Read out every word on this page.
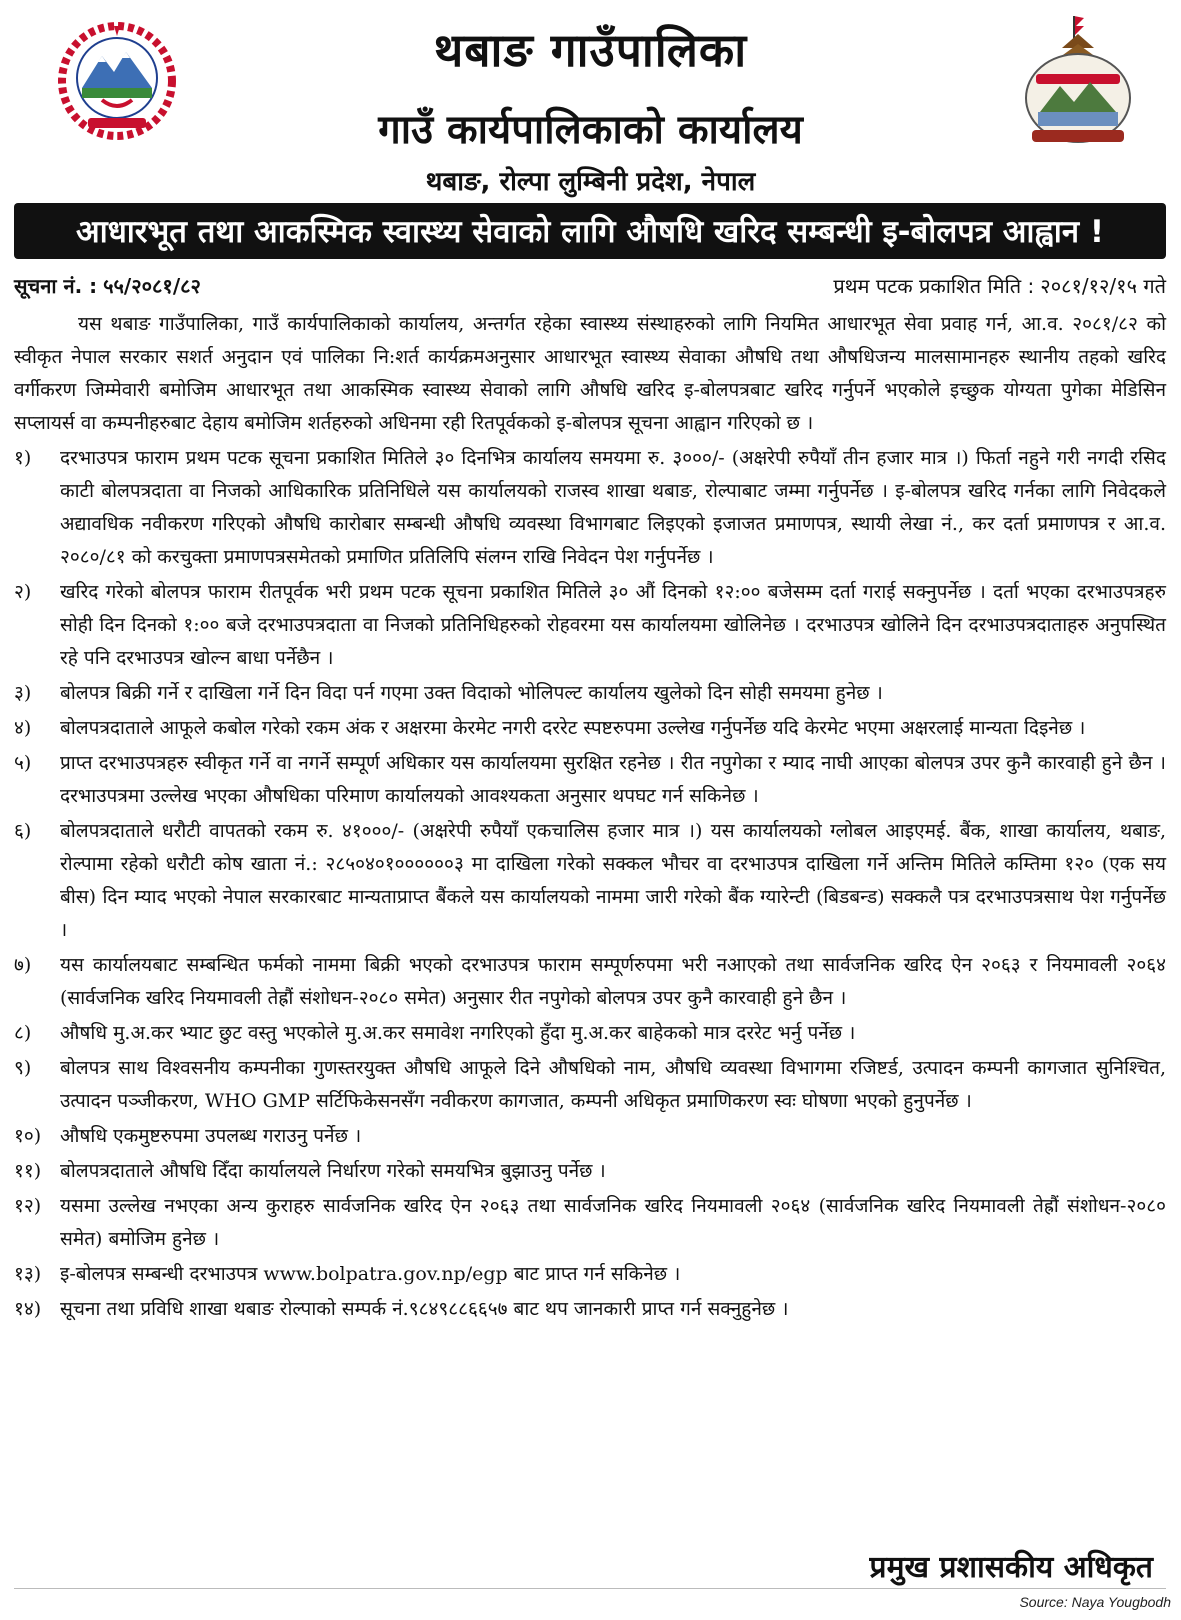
थबाङ गाउँपालिका
गाउँ कार्यपालिकाको कार्यालय
थबाङ, रोल्पा लुम्बिनी प्रदेश, नेपाल
आधारभूत तथा आकस्मिक स्वास्थ्य सेवाको लागि औषधि खरिद सम्बन्धी इ-बोलपत्र आह्वान !
सूचना नं. : ५५/२०८१/८२	प्रथम पटक प्रकाशित मिति : २०८१/१२/१५ गते

यस थबाङ गाउँपालिका, गाउँ कार्यपालिकाको कार्यालय, अन्तर्गत रहेका स्वास्थ्य संस्थाहरुको लागि नियमित आधारभूत सेवा प्रवाह गर्न, आ.व. २०८१/८२ को स्वीकृत नेपाल सरकार सशर्त अनुदान एवं पालिका नि:शर्त कार्यक्रमअनुसार आधारभूत स्वास्थ्य सेवाका औषधि तथा औषधिजन्य मालसामानहरु स्थानीय तहको खरिद वर्गीकरण जिम्मेवारी बमोजिम आधारभूत तथा आकस्मिक स्वास्थ्य सेवाको लागि औषधि खरिद इ-बोलपत्रबाट खरिद गर्नुपर्ने भएकोले इच्छुक योग्यता पुगेका मेडिसिन सप्लायर्स वा कम्पनीहरुबाट देहाय बमोजिम शर्तहरुको अधिनमा रही रितपूर्वककाे इ-बोलपत्र सूचना आह्वान गरिएको छ ।

१)	दरभाउपत्र फाराम प्रथम पटक सूचना प्रकाशित मितिले ३० दिनभित्र कार्यालय समयमा रु. ३०००/- (अक्षरेपी रुपैयाँ तीन हजार मात्र ।) फिर्ता नहुने गरी नगदी रसिद काटी बोलपत्रदाता वा निजको आधिकारिक प्रतिनिधिले यस कार्यालयको राजस्व शाखा थबाङ, रोल्पाबाट जम्मा गर्नुपर्नेछ । इ-बोलपत्र खरिद गर्नका लागि निवेदकले अद्यावधिक नवीकरण गरिएको औषधि कारोबार सम्बन्धी औषधि व्यवस्था विभागबाट लिइएको इजाजत प्रमाणपत्र, स्थायी लेखा नं., कर दर्ता प्रमाणपत्र र आ.व. २०८०/८१ को करचुक्ता प्रमाणपत्रसमेतको प्रमाणित प्रतिलिपि संलग्न राखि निवेदन पेश गर्नुपर्नेछ ।
२)	खरिद गरेको बोलपत्र फाराम रीतपूर्वक भरी प्रथम पटक सूचना प्रकाशित मितिले ३० औं दिनको १२:०० बजेसम्म दर्ता गराई सक्नुपर्नेछ । दर्ता भएका दरभाउपत्रहरु सोही दिन दिनको १:०० बजे दरभाउपत्रदाता वा निजको प्रतिनिधिहरुको रोहवरमा यस कार्यालयमा खोलिनेछ । दरभाउपत्र खोलिने दिन दरभाउपत्रदाताहरु अनुपस्थित रहे पनि दरभाउपत्र खोल्न बाधा पर्नेछैन ।
३)	बोलपत्र बिक्री गर्ने र दाखिला गर्ने दिन विदा पर्न गएमा उक्त विदाको भोलिपल्ट कार्यालय खुलेको दिन सोही समयमा हुनेछ ।
४)	बोलपत्रदाताले आफूले कबोल गरेको रकम अंक र अक्षरमा केरमेट नगरी दररेट स्पष्टरुपमा उल्लेख गर्नुपर्नेछ यदि केरमेट भएमा अक्षरलाई मान्यता दिइनेछ ।
५)	प्राप्त दरभाउपत्रहरु स्वीकृत गर्ने वा नगर्ने सम्पूर्ण अधिकार यस कार्यालयमा सुरक्षित रहनेछ । रीत नपुगेका र म्याद नाघी आएका बोलपत्र उपर कुनै कारवाही हुने छैन । दरभाउपत्रमा उल्लेख भएका औषधिका परिमाण कार्यालयको आवश्यकता अनुसार थपघट गर्न सकिनेछ ।
६)	बोलपत्रदाताले धरौटी वापतको रकम रु. ४१०००/- (अक्षरेपी रुपैयाँ एकचालिस हजार मात्र ।) यस कार्यालयको ग्लोबल आइएमई. बैंक, शाखा कार्यालय, थबाङ, रोल्पामा रहेको धरौटी कोष खाता नं.: २८५०४०१००००००३ मा दाखिला गरेको सक्कल भौचर वा दरभाउपत्र दाखिला गर्ने अन्तिम मितिले कम्तिमा १२० (एक सय बीस) दिन म्याद भएको नेपाल सरकारबाट मान्यताप्राप्त बैंकले यस कार्यालयको नाममा जारी गरेको बैंक ग्यारेन्टी (बिडबन्ड) सक्कलै पत्र दरभाउपत्रसाथ पेश गर्नुपर्नेछ ।
७)	यस कार्यालयबाट सम्बन्धित फर्मको नाममा बिक्री भएको दरभाउपत्र फाराम सम्पूर्णरुपमा भरी नआएको तथा सार्वजनिक खरिद ऐन २०६३ र नियमावली २०६४ (सार्वजनिक खरिद नियमावली तेह्रौं संशोधन-२०८० समेत) अनुसार रीत नपुगेको बोलपत्र उपर कुनै कारवाही हुने छैन ।
८)	औषधि मु.अ.कर भ्याट छुट वस्तु भएकोले मु.अ.कर समावेश नगरिएको हुँदा मु.अ.कर बाहेकको मात्र दररेट भर्नु पर्नेछ ।
९)	बोलपत्र साथ विश्वसनीय कम्पनीका गुणस्तरयुक्त औषधि आफूले दिने औषधिको नाम, औषधि व्यवस्था विभागमा रजिष्टर्ड, उत्पादन कम्पनी कागजात सुनिश्चित, उत्पादन पञ्जीकरण, WHO GMP सर्टिफिकेसनसँग नवीकरण कागजात, कम्पनी अधिकृत प्रमाणिकरण स्वः घोषणा भएको हुनुपर्नेछ ।
१०) औषधि एकमुष्टरुपमा उपलब्ध गराउनु पर्नेछ ।
११) बोलपत्रदाताले औषधि दिँदा कार्यालयले निर्धारण गरेको समयभित्र बुझाउनु पर्नेछ ।
१२) यसमा उल्लेख नभएका अन्य कुराहरु सार्वजनिक खरिद ऐन २०६३ तथा सार्वजनिक खरिद नियमावली २०६४ (सार्वजनिक खरिद नियमावली तेह्रौं संशोधन-२०८० समेत) बमोजिम हुनेछ ।
१३) इ-बोलपत्र सम्बन्धी दरभाउपत्र www.bolpatra.gov.np/egp बाट प्राप्त गर्न सकिनेछ ।
१४) सूचना तथा प्रविधि शाखा थबाङ रोल्पाको सम्पर्क नं.९८४९८८६६५७ बाट थप जानकारी प्राप्त गर्न सक्नुहुनेछ ।
प्रमुख प्रशासकीय अधिकृत
Source: Naya Yougbodh
